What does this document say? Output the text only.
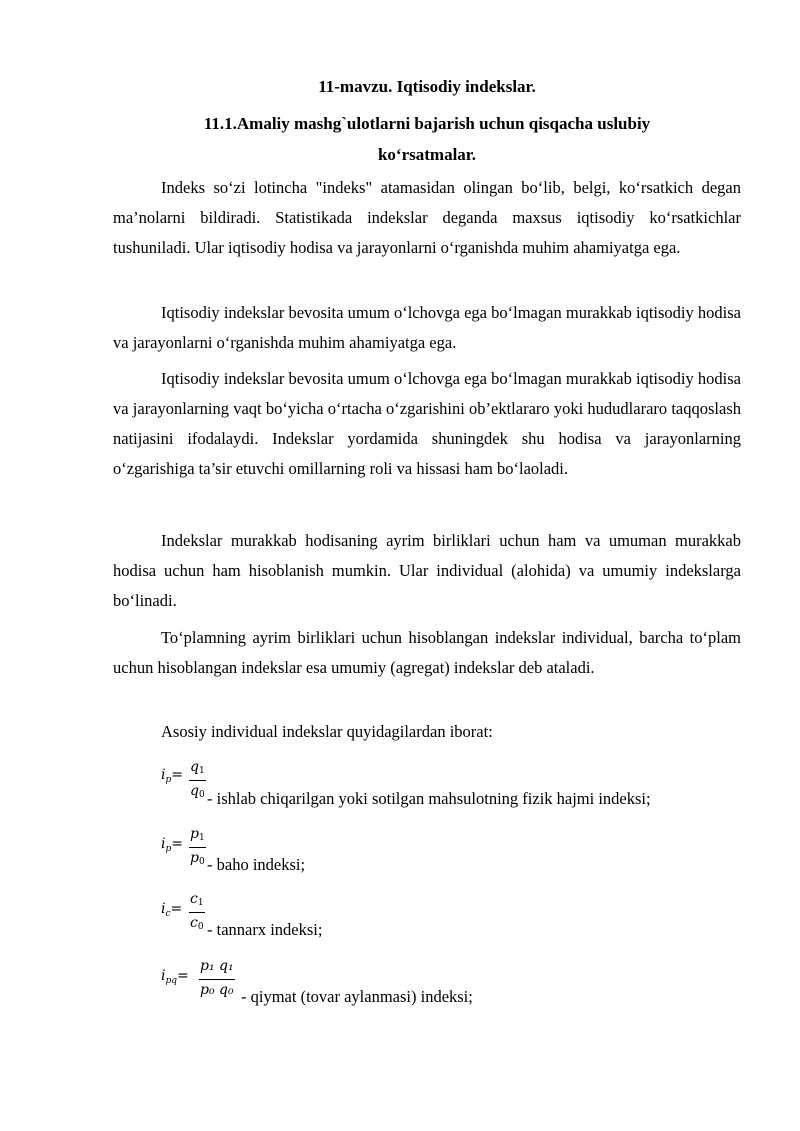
11-mavzu. Iqtisodiy indekslar.
11.1.Amaliy mashg`ulotlarni bajarish uchun qisqacha uslubiy
ko‘rsatmalar.

Indeks so‘zi lotincha "indeks" atamasidan olingan bo‘lib, belgi, ko‘rsatkich degan ma’nolarni bildiradi. Statistikada indekslar deganda maxsus iqtisodiy ko‘rsatkichlar tushuniladi. Ular iqtisodiy hodisa va jarayonlarni o‘rganishda muhim ahamiyatga ega.

Iqtisodiy indekslar bevosita umum o‘lchovga ega bo‘lmagan murakkab iqtisodiy hodisa va jarayonlarni o‘rganishda muhim ahamiyatga ega.

Iqtisodiy indekslar bevosita umum o‘lchovga ega bo‘lmagan murakkab iqtisodiy hodisa va jarayonlarning vaqt bo‘yicha o‘rtacha o‘zgarishini ob’ektlararo yoki hududlararo taqqoslash natijasini ifodalaydi. Indekslar yordamida shuningdek shu hodisa va jarayonlarning o‘zgarishiga ta’sir etuvchi omillarning roli va hissasi ham bo‘laoladi.

Indekslar murakkab hodisaning ayrim birliklari uchun ham va umuman murakkab hodisa uchun ham hisoblanish mumkin. Ular individual (alohida) va umumiy indekslarga bo‘linadi.

To‘plamning ayrim birliklari uchun hisoblangan indekslar individual, barcha to‘plam uchun hisoblangan indekslar esa umumiy (agregat) indekslar deb ataladi.

Asosiy individual indekslar quyidagilardan iborat:
$i_p= \frac{q_1}{q_0}$ - ishlab chiqarilgan yoki sotilgan mahsulotning fizik hajmi indeksi;
$i_p= \frac{p_1}{p_0}$ - baho indeksi;
$i_c= \frac{c_1}{c_0}$ - tannarx indeksi;
$i_{pq}= \frac{\text{p₁ q₁}}{\text{p₀ q₀}}$ - qiymat (tovar aylanmasi) indeksi;
